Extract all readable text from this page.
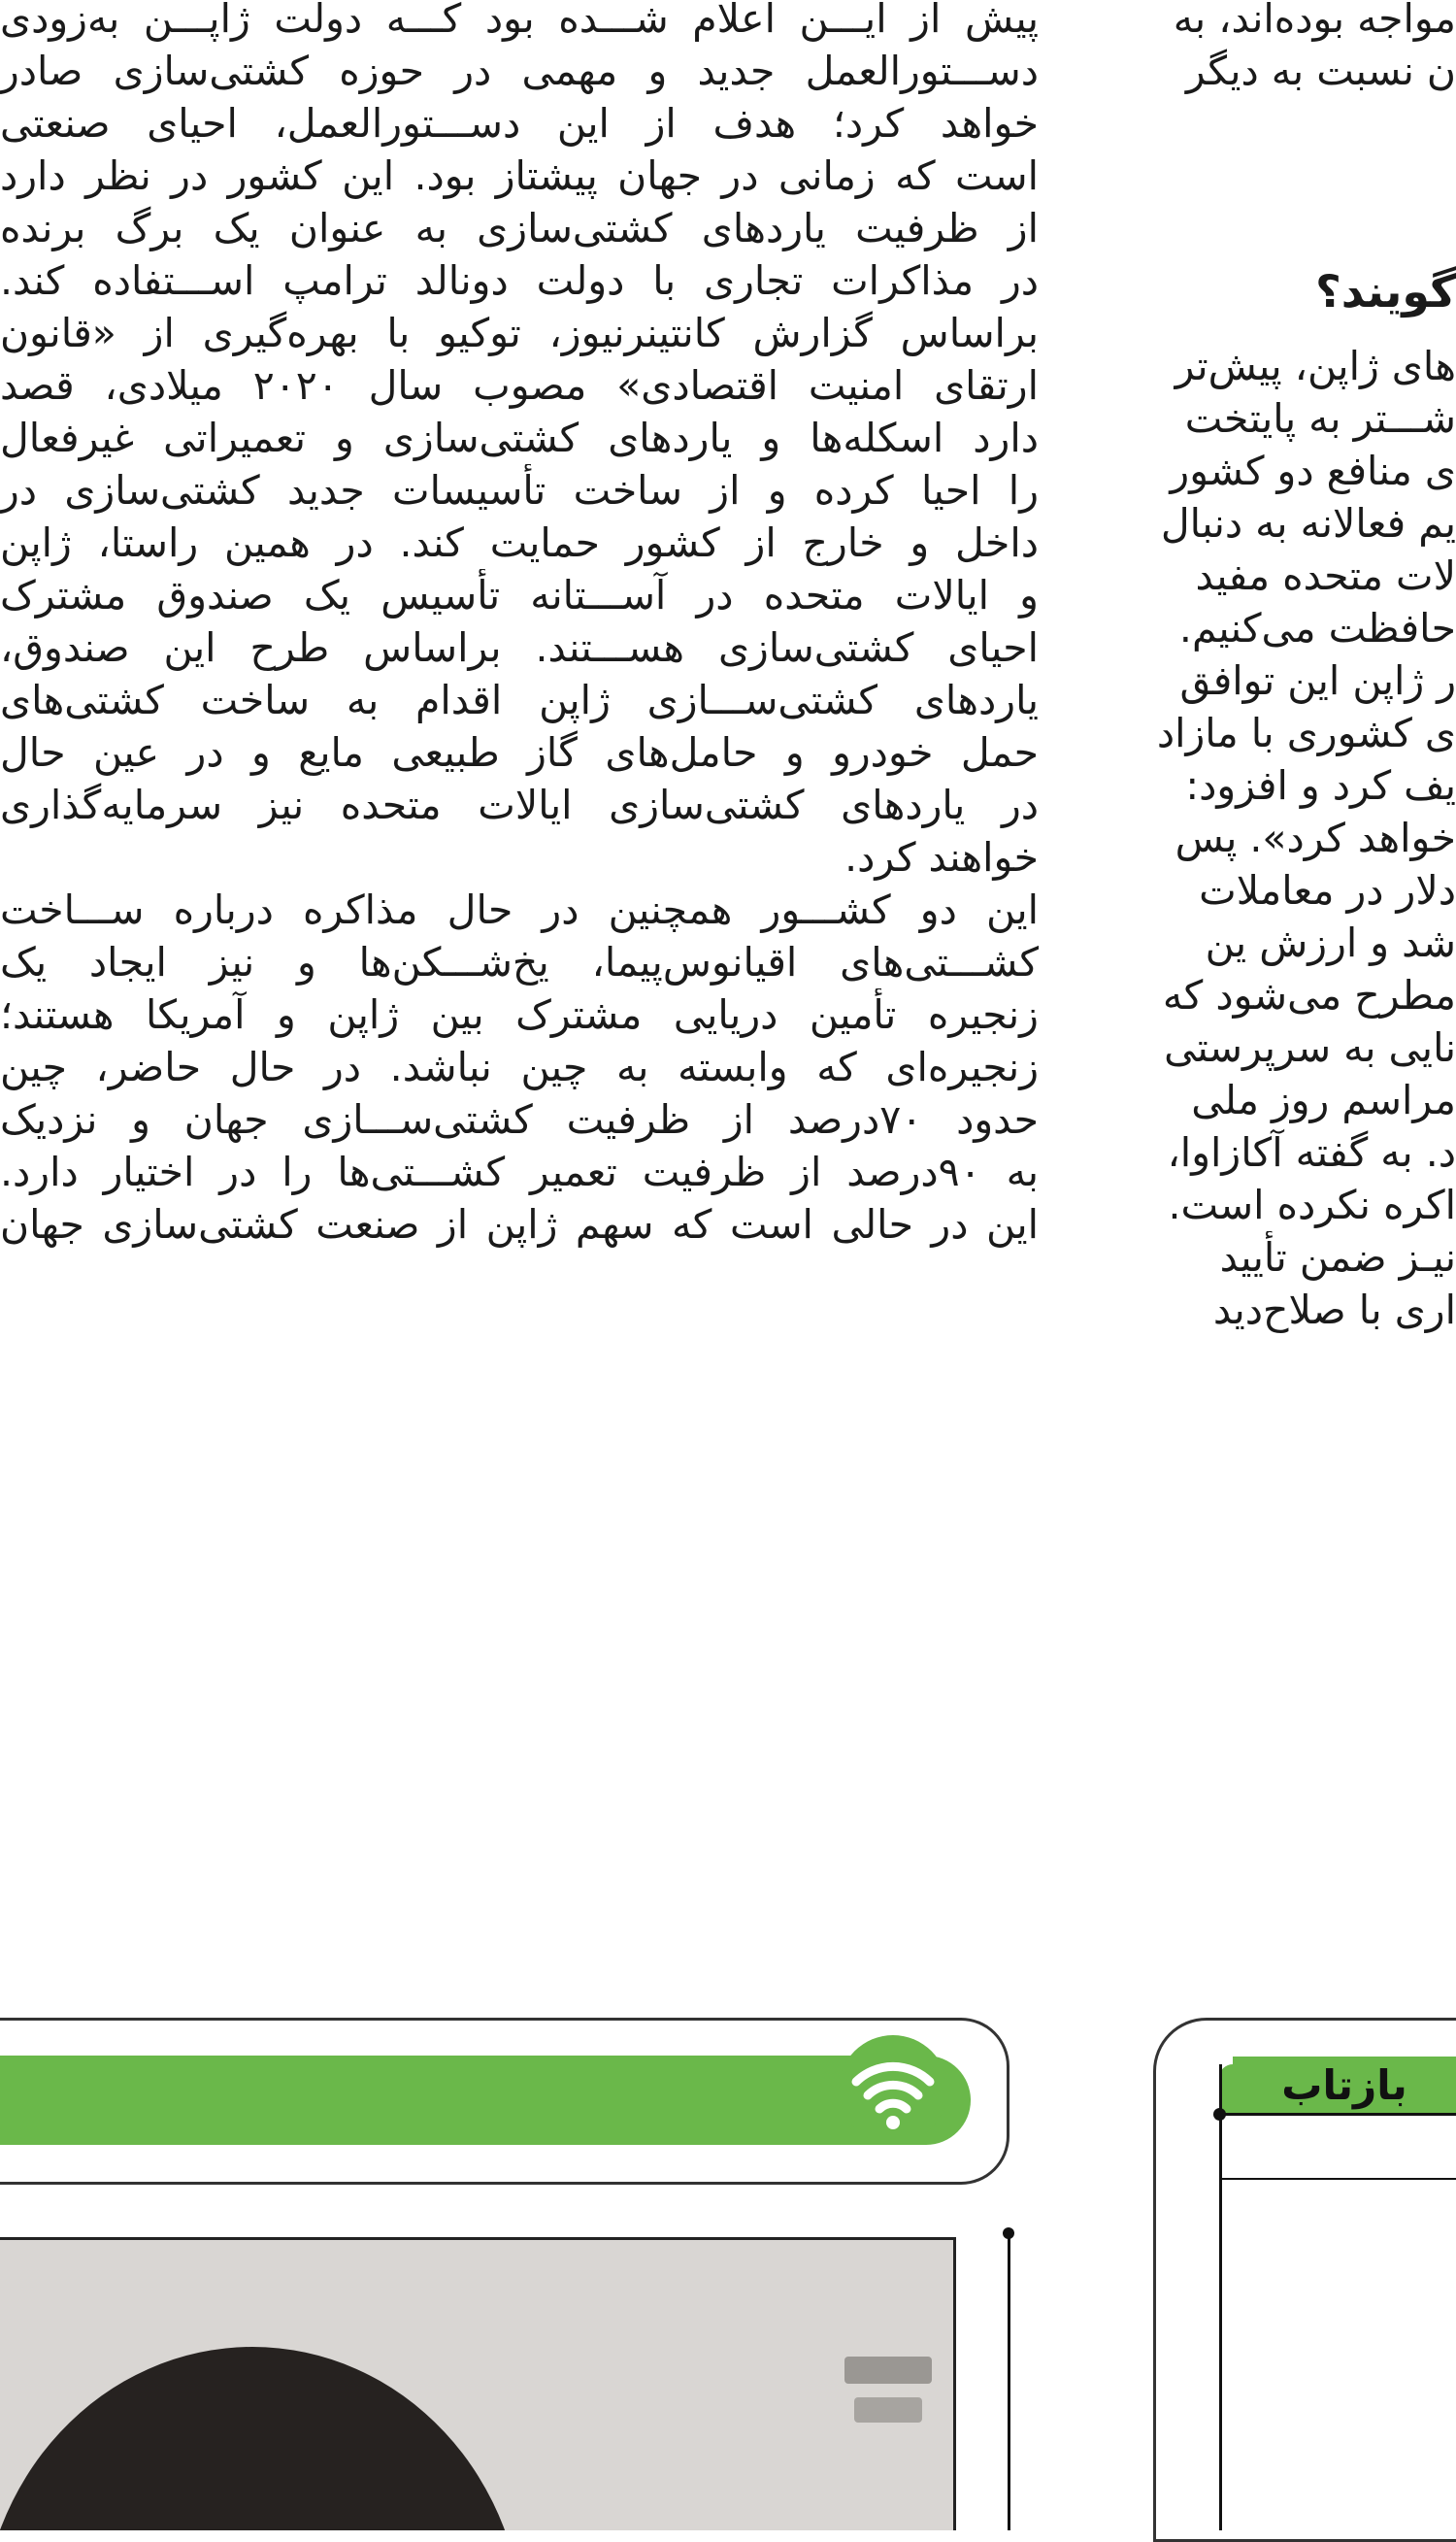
پیش از ایـــن اعلام شـــده بود کـــه دولت ژاپـــن به‌زودی

دســـتورالعمل جدید و مهمی در حوزه کشتی‌سازی صادر

خواهد کرد؛ هدف از این دســـتورالعمل، احیای صنعتی

است که زمانی در جهان پیشتاز بود. این کشور در نظر دارد

از ظرفیت یاردهای کشتی‌سازی به عنوان یک برگ برنده

در مذاکرات تجاری با دولت دونالد ترامپ اســـتفاده کند.

براساس گزارش کانتینرنیوز، توکیو با بهره‌گیری از «قانون

ارتقای امنیت اقتصادی» مصوب سال ۲۰۲۰ میلادی، قصد

دارد اسکله‌ها و یاردهای کشتی‌سازی و تعمیراتی غیرفعال

را احیا کرده و از ساخت تأسیسات جدید کشتی‌سازی در

داخل و خارج از کشور حمایت کند. در همین راستا، ژاپن

و ایالات متحده در آســـتانه تأسیس یک صندوق مشترک

احیای کشتی‌سازی هســـتند. براساس طرح این صندوق،

یاردهای کشتی‌ســـازی ژاپن اقدام به ساخت کشتی‌های

حمل خودرو و حامل‌های گاز طبیعی مایع و در عین حال

در یاردهای کشتی‌سازی ایالات متحده نیز سرمایه‌گذاری

خواهند کرد.

این دو کشـــور همچنین در حال مذاکره درباره ســـاخت

کشـــتی‌های اقیانوس‌پیما، یخ‌شـــکن‌ها و نیز ایجاد یک

زنجیره تأمین دریایی مشترک بین ژاپن و آمریکا هستند؛

زنجیره‌ای که وابسته به چین نباشد. در حال حاضر، چین

حدود ۷۰درصد از ظرفیت کشتی‌ســـازی جهان و نزدیک

به ۹۰درصد از ظرفیت تعمیر کشـــتی‌ها را در اختیار دارد.

این در حالی است که سهم ژاپن از صنعت کشتی‌سازی جهان

مواجه بوده‌اند، به

ن نسبت به دیگر

گویند؟

های ژاپن، پیش‌تر

شـــتر به پایتخت

ی منافع دو کشور

یم فعالانه به دنبال

لات متحده مفید

حافظت می‌کنیم.

ر ژاپن این توافق

ی کشوری با مازاد

یف کرد و افزود:

خواهد کرد». پس

دلار در معاملات

شد و ارزش ین

مطرح می‌شود که

نایی به سرپرستی

مراسم روز ملی

د. به گفته آکازاوا،

اکره نکرده است.

نیـز ضمن تأیید

اری با صلاح‌دید

بازتاب
